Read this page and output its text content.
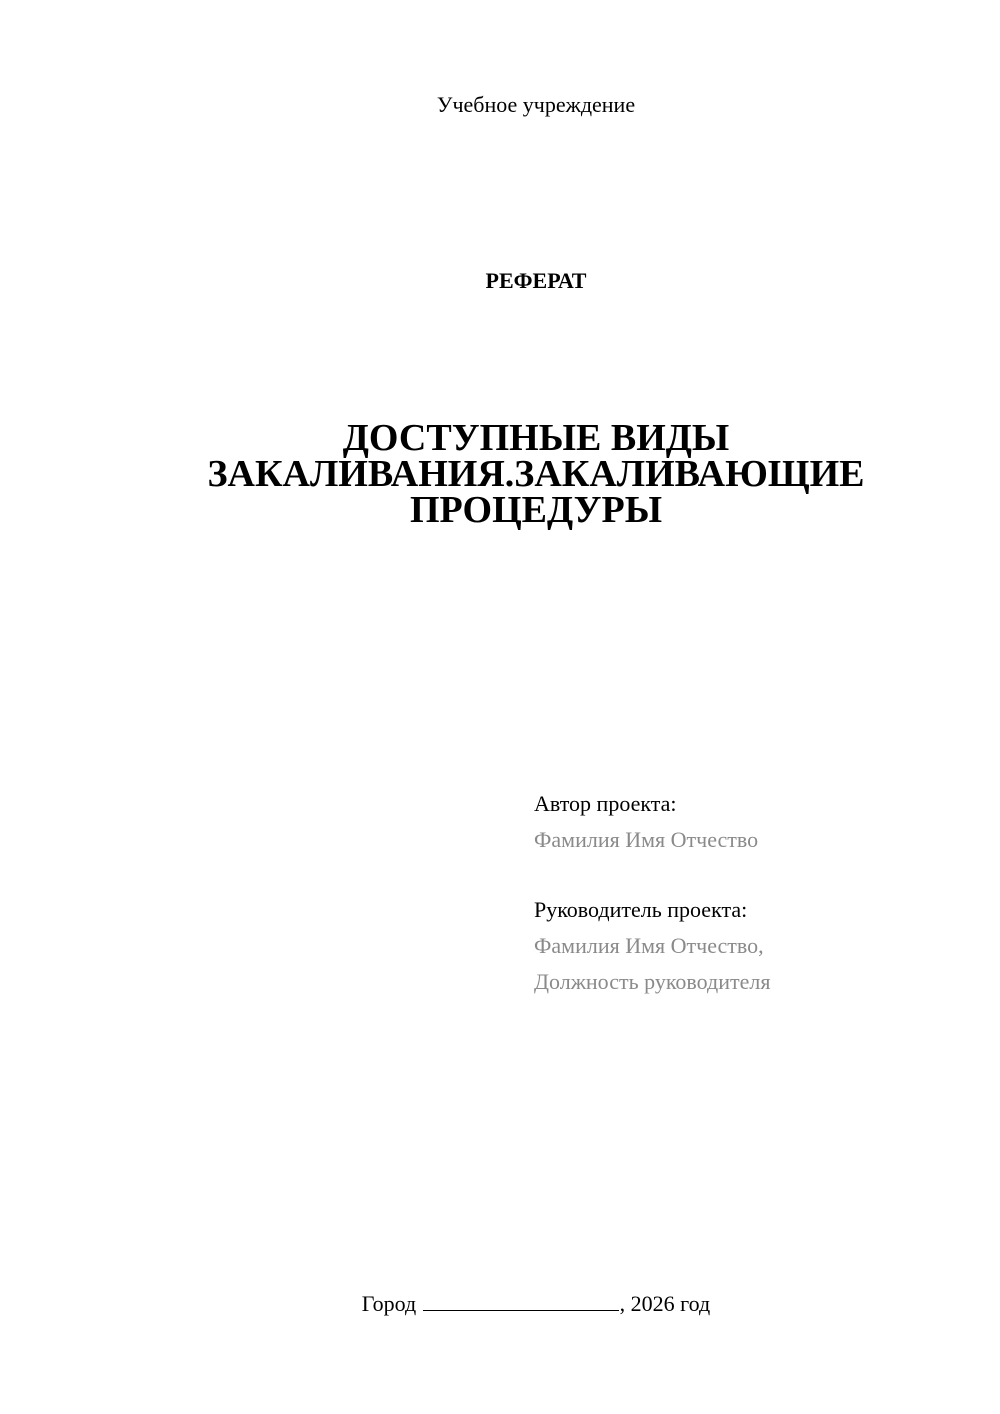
Учебное учреждение
РЕФЕРАТ
ДОСТУПНЫЕ ВИДЫ
ЗАКАЛИВАНИЯ.ЗАКАЛИВАЮЩИЕ
ПРОЦЕДУРЫ
Автор проекта:
Фамилия Имя Отчество
Руководитель проекта:
Фамилия Имя Отчество,
Должность руководителя
Город	, 2026 год
